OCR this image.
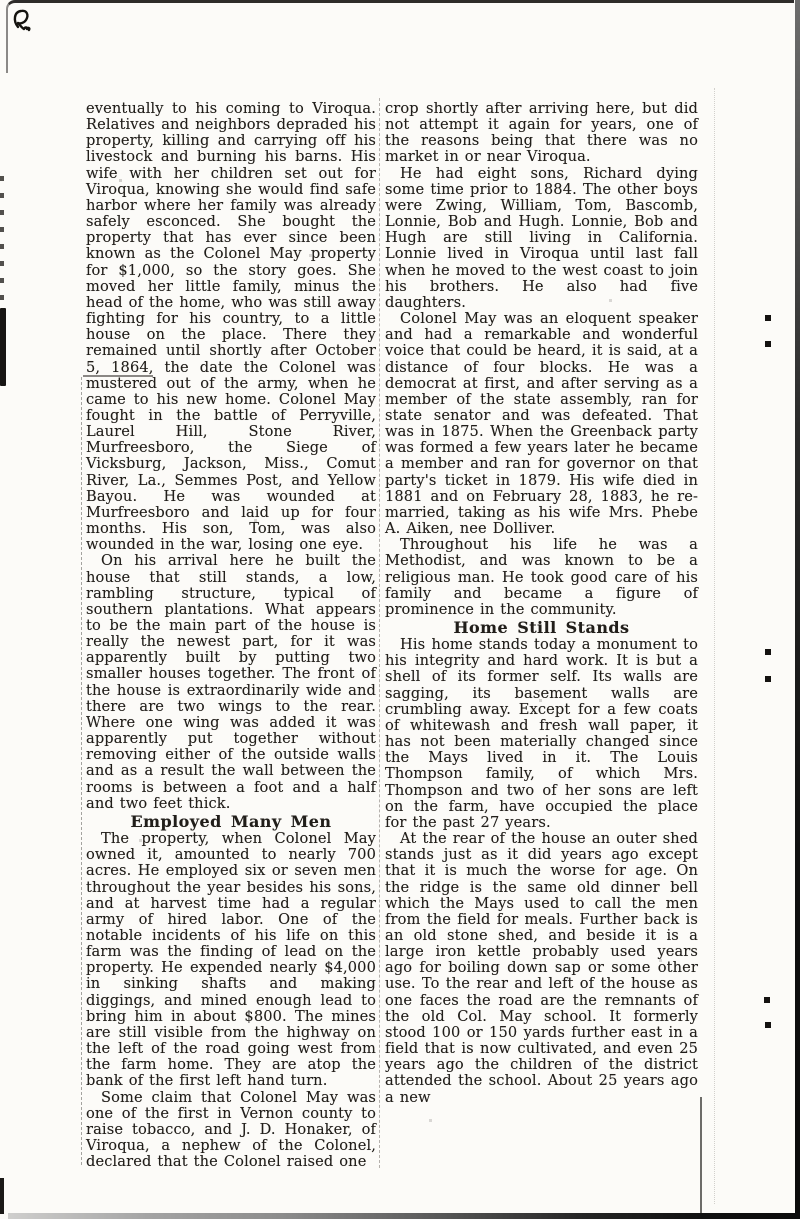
eventually to his coming to Viroqua. Relatives and neighbors depraded his property, killing and carrying off his livestock and burning his barns. His wife with her children set out for Viroqua, knowing she would find safe harbor where her family was already safely esconced. She bought the property that has ever since been known as the Colonel May property for $1,000, so the story goes. She moved her little family, minus the head of the home, who was still away fighting for his country, to a little house on the place. There they remained until shortly after October 5, 1864, the date the Colonel was mustered out of the army, when he came to his new home. Colonel May fought in the battle of Perryville, Laurel Hill, Stone River, Murfreesboro, the Siege of Vicksburg, Jackson, Miss., Comut River, La., Semmes Post, and Yellow Bayou. He was wounded at Murfreesboro and laid up for four months. His son, Tom, was also wounded in the war, losing one eye.

On his arrival here he built the house that still stands, a low, rambling structure, typical of southern plantations. What appears to be the main part of the house is really the newest part, for it was apparently built by putting two smaller houses together. The front of the house is extraordinarily wide and there are two wings to the rear. Where one wing was added it was apparently put together without removing either of the outside walls and as a result the wall between the rooms is between a foot and a half and two feet thick.

Employed Many Men

The property, when Colonel May owned it, amounted to nearly 700 acres. He employed six or seven men throughout the year besides his sons, and at harvest time had a regular army of hired labor. One of the notable incidents of his life on this farm was the finding of lead on the property. He expended nearly $4,000 in sinking shafts and making diggings, and mined enough lead to bring him in about $800. The mines are still visible from the highway on the left of the road going west from the farm home. They are atop the bank of the first left hand turn.

Some claim that Colonel May was one of the first in Vernon county to raise tobacco, and J. D. Honaker, of Viroqua, a nephew of the Colonel, declared that the Colonel raised one

crop shortly after arriving here, but did not attempt it again for years, one of the reasons being that there was no market in or near Viroqua.

He had eight sons, Richard dying some time prior to 1884. The other boys were Zwing, William, Tom, Bascomb, Lonnie, Bob and Hugh. Lonnie, Bob and Hugh are still living in California. Lonnie lived in Viroqua until last fall when he moved to the west coast to join his brothers. He also had five daughters.

Colonel May was an eloquent speaker and had a remarkable and wonderful voice that could be heard, it is said, at a distance of four blocks. He was a democrat at first, and after serving as a member of the state assembly, ran for state senator and was defeated. That was in 1875. When the Greenback party was formed a few years later he became a member and ran for governor on that party's ticket in 1879. His wife died in 1881 and on February 28, 1883, he re-married, taking as his wife Mrs. Phebe A. Aiken, nee Dolliver.

Throughout his life he was a Methodist, and was known to be a religious man. He took good care of his family and became a figure of prominence in the community.

Home Still Stands

His home stands today a monument to his integrity and hard work. It is but a shell of its former self. Its walls are sagging, its basement walls are crumbling away. Except for a few coats of whitewash and fresh wall paper, it has not been materially changed since the Mays lived in it. The Louis Thompson family, of which Mrs. Thompson and two of her sons are left on the farm, have occupied the place for the past 27 years.

At the rear of the house an outer shed stands just as it did years ago except that it is much the worse for age. On the ridge is the same old dinner bell which the Mays used to call the men from the field for meals. Further back is an old stone shed, and beside it is a large iron kettle probably used years ago for boiling down sap or some other use. To the rear and left of the house as one faces the road are the remnants of the old Col. May school. It formerly stood 100 or 150 yards further east in a field that is now cultivated, and even 25 years ago the children of the district attended the school. About 25 years ago a new
